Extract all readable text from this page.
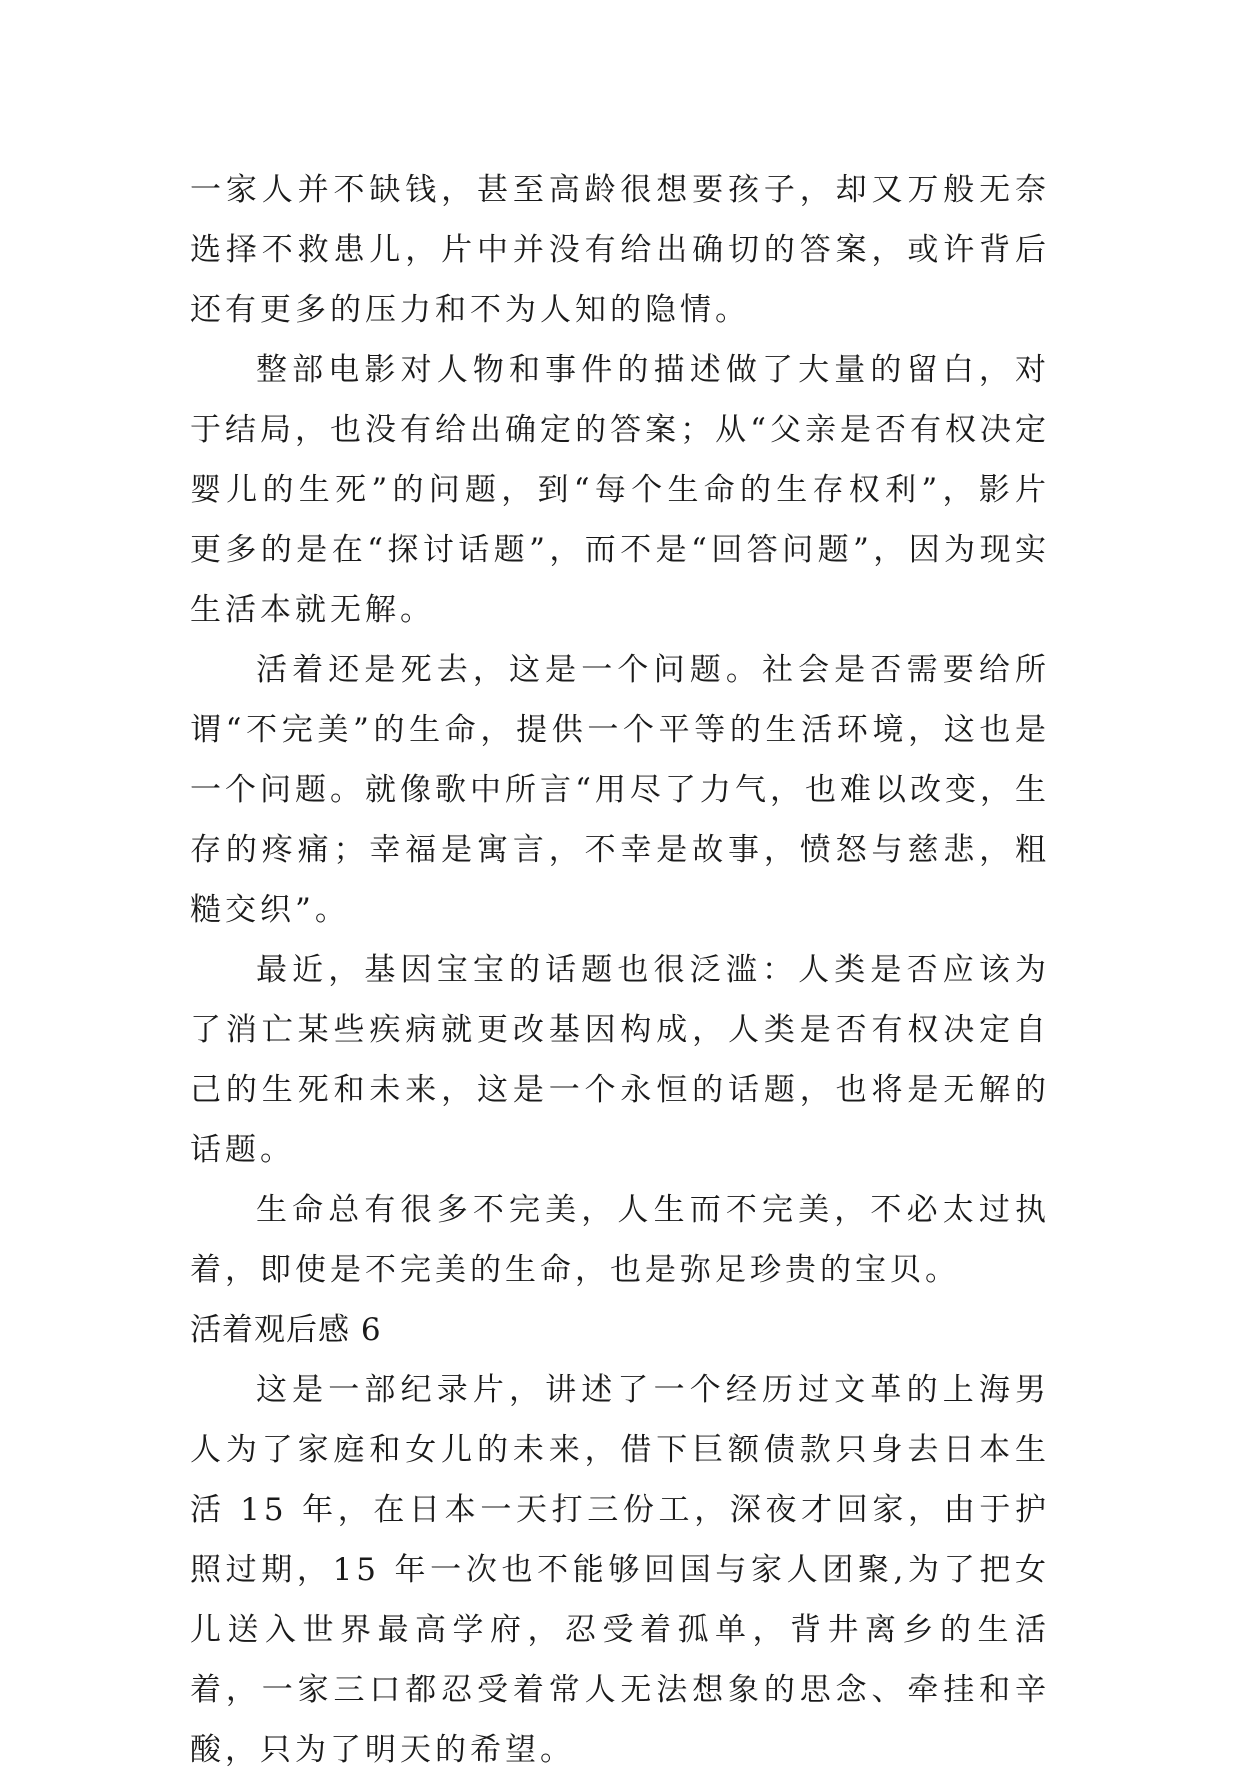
一家人并不缺钱，甚至高龄很想要孩子，却又万般无奈选择不救患儿，片中并没有给出确切的答案，或许背后还有更多的压力和不为人知的隐情。

整部电影对人物和事件的描述做了大量的留白，对于结局，也没有给出确定的答案；从“父亲是否有权决定婴儿的生死”的问题，到“每个生命的生存权利”，影片更多的是在“探讨话题”，而不是“回答问题”，因为现实生活本就无解。

活着还是死去，这是一个问题。社会是否需要给所谓“不完美”的生命，提供一个平等的生活环境，这也是一个问题。就像歌中所言“用尽了力气，也难以改变，生存的疼痛；幸福是寓言，不幸是故事，愤怒与慈悲，粗糙交织”。

最近，基因宝宝的话题也很泛滥：人类是否应该为了消亡某些疾病就更改基因构成，人类是否有权决定自己的生死和未来，这是一个永恒的话题，也将是无解的话题。

生命总有很多不完美，人生而不完美，不必太过执着，即使是不完美的生命，也是弥足珍贵的宝贝。

活着观后感 6

这是一部纪录片，讲述了一个经历过文革的上海男人为了家庭和女儿的未来，借下巨额债款只身去日本生活 15 年，在日本一天打三份工，深夜才回家，由于护照过期，15 年一次也不能够回国与家人团聚,为了把女儿送入世界最高学府，忍受着孤单，背井离乡的生活着，一家三口都忍受着常人无法想象的思念、牵挂和辛酸，只为了明天的希望。
